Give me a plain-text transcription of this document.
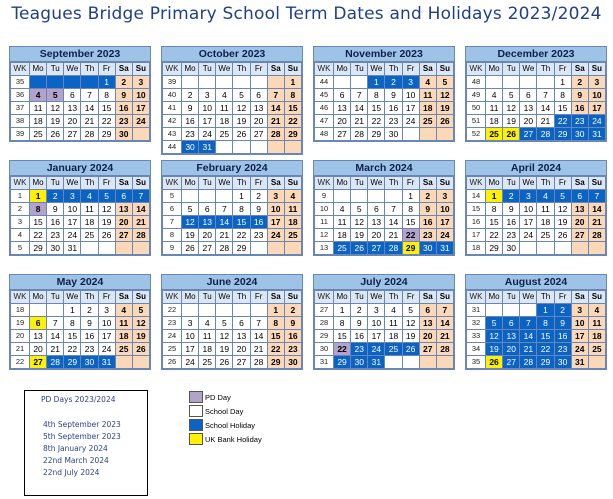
Teagues Bridge Primary School Term Dates and Holidays 2023/2024
September 2023
WK	Mo	Tu	We	Th	Fr	Sa	Su
35					1	2	3
36	4	5	6	7	8	9	10
37	11	12	13	14	15	16	17
38	18	19	20	21	22	23	24
39	25	26	27	28	29	30	
October 2023
WK	Mo	Tu	We	Th	Fr	Sa	Su
39							1
40	2	3	4	5	6	7	8
41	9	10	11	12	13	14	15
42	16	17	18	19	20	21	22
43	23	24	25	26	27	28	29
44	30	31					
November 2023
WK	Mo	Tu	We	Th	Fr	Sa	Su
44			1	2	3	4	5
45	6	7	8	9	10	11	12
46	13	14	15	16	17	18	19
47	20	21	22	23	24	25	26
48	27	28	29	30			
December 2023
WK	Mo	Tu	We	Th	Fr	Sa	Su
48					1	2	3
49	4	5	6	7	8	9	10
50	11	12	13	14	15	16	17
51	18	19	20	21	22	23	24
52	25	26	27	28	29	30	31
January 2024
WK	Mo	Tu	We	Th	Fr	Sa	Su
1	1	2	3	4	5	6	7
2	8	9	10	11	12	13	14
3	15	16	17	18	19	20	21
4	22	23	24	25	26	27	28
5	29	30	31				
February 2024
WK	Mo	Tu	We	Th	Fr	Sa	Su
5				1	2	3	4
6	5	6	7	8	9	10	11
7	12	13	14	15	16	17	18
8	19	20	21	22	23	24	25
9	26	27	28	29			
March 2024
WK	Mo	Tu	We	Th	Fr	Sa	Su
9					1	2	3
10	4	5	6	7	8	9	10
11	11	12	13	14	15	16	17
12	18	19	20	21	22	23	24
13	25	26	27	28	29	30	31
April 2024
WK	Mo	Tu	We	Th	Fr	Sa	Su
14	1	2	3	4	5	6	7
15	8	9	10	11	12	13	14
16	15	16	17	18	19	20	21
17	22	23	24	25	26	27	28
18	29	30					
May 2024
WK	Mo	Tu	We	Th	Fr	Sa	Su
18			1	2	3	4	5
19	6	7	8	9	10	11	12
20	13	14	15	16	17	18	19
21	20	21	22	23	24	25	26
22	27	28	29	30	31		
June 2024
WK	Mo	Tu	We	Th	Fr	Sa	Su
22						1	2
23	3	4	5	6	7	8	9
24	10	11	12	13	14	15	16
25	17	18	19	20	21	22	23
26	24	25	26	27	28	29	30
July 2024
WK	Mo	Tu	We	Th	Fr	Sa	Su
27	1	2	3	4	5	6	7
28	8	9	10	11	12	13	14
29	15	16	17	18	19	20	21
30	22	23	24	25	26	27	28
31	29	30	31				
August 2024
WK	Mo	Tu	We	Th	Fr	Sa	Su
31				1	2	3	4
32	5	6	7	8	9	10	11
33	12	13	14	15	16	17	18
34	19	20	21	22	23	24	25
35	26	27	28	29	30	31	
PD Days 2023/2024
4th September 2023
5th September 2023
8th January 2024
22nd March 2024
22nd July 2024
PD Day
School Day
School Holiday
UK Bank Holiday
